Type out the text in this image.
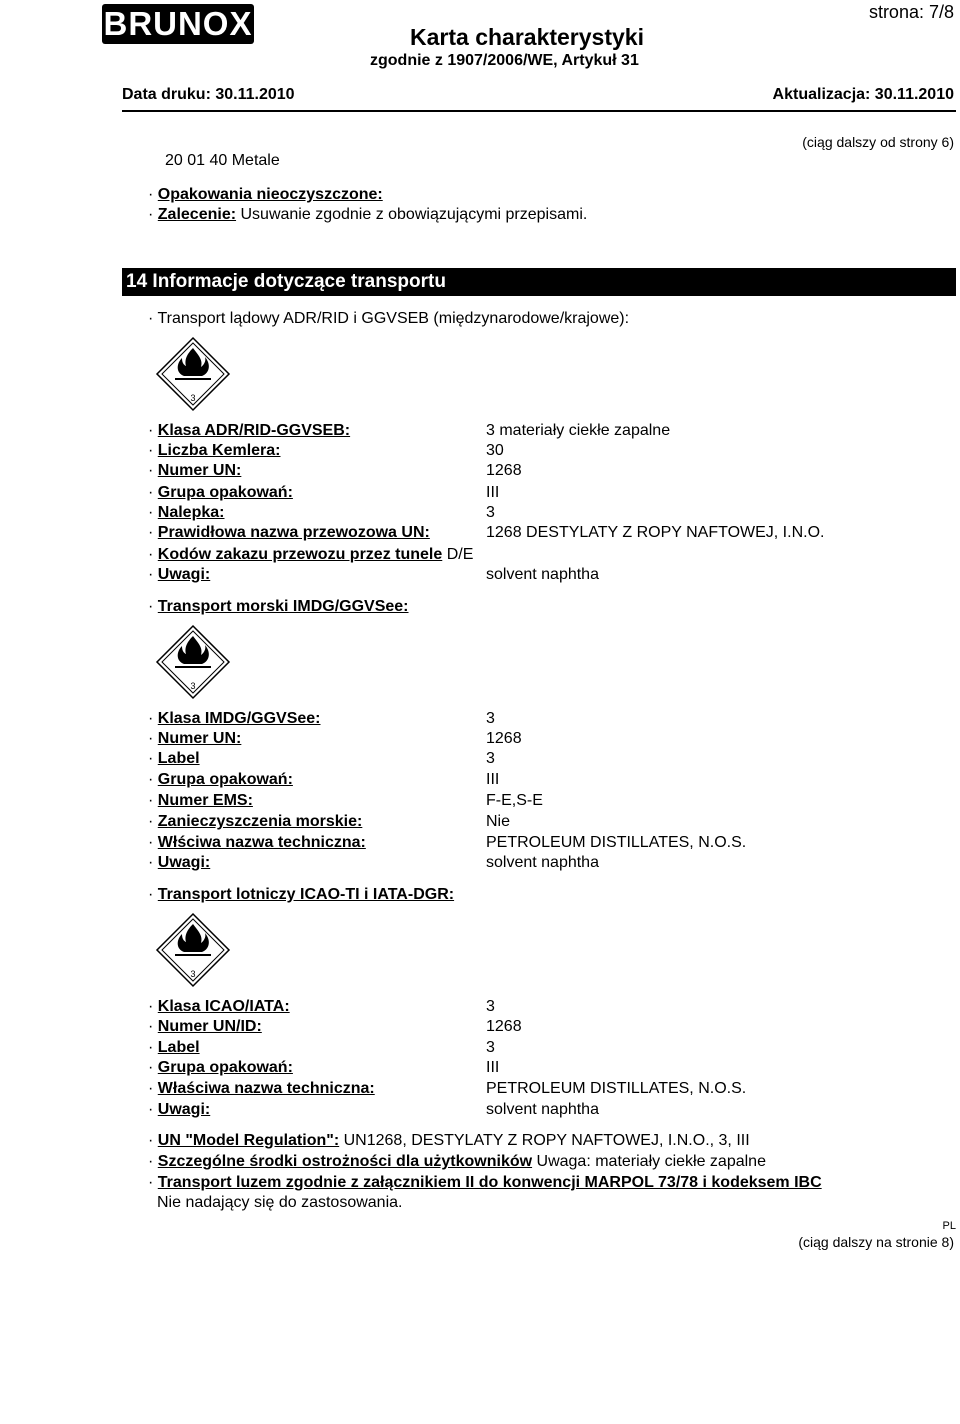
BRUNOX	strona: 7/8
Karta charakterystyki
zgodnie z 1907/2006/WE, Artykuł 31
Data druku: 30.11.2010	Aktualizacja: 30.11.2010
(ciąg dalszy od strony 6)
20 01 40 Metale
· Opakowania nieoczyszczone:
· Zalecenie: Usuwanie zgodnie z obowiązującymi przepisami.
14 Informacje dotyczące transportu
· Transport lądowy ADR/RID i GGVSEB (międzynarodowe/krajowe):
3
· Klasa ADR/RID-GGVSEB:	3 materiały ciekłe zapalne
· Liczba Kemlera:	30
· Numer UN:	1268
· Grupa opakowań:	III
· Nalepka:	3
· Prawidłowa nazwa przewozowa UN:	1268 DESTYLATY Z ROPY NAFTOWEJ, I.N.O.
· Kodów zakazu przewozu przez tunele D/E
· Uwagi:	solvent naphtha
· Transport morski IMDG/GGVSee:
3
· Klasa IMDG/GGVSee:	3
· Numer UN:	1268
· Label	3
· Grupa opakowań:	III
· Numer EMS:	F-E,S-E
· Zanieczyszczenia morskie:	Nie
· Włściwa nazwa techniczna:	PETROLEUM DISTILLATES, N.O.S.
· Uwagi:	solvent naphtha
· Transport lotniczy ICAO-TI i IATA-DGR:
3
· Klasa ICAO/IATA:	3
· Numer UN/ID:	1268
· Label	3
· Grupa opakowań:	III
· Właściwa nazwa techniczna:	PETROLEUM DISTILLATES, N.O.S.
· Uwagi:	solvent naphtha
· UN "Model Regulation": UN1268, DESTYLATY Z ROPY NAFTOWEJ, I.N.O., 3, III
· Szczególne środki ostrożności dla użytkowników Uwaga: materiały ciekłe zapalne
· Transport luzem zgodnie z załącznikiem II do konwencji MARPOL 73/78 i kodeksem IBC
Nie nadający się do zastosowania.
PL
(ciąg dalszy na stronie 8)
